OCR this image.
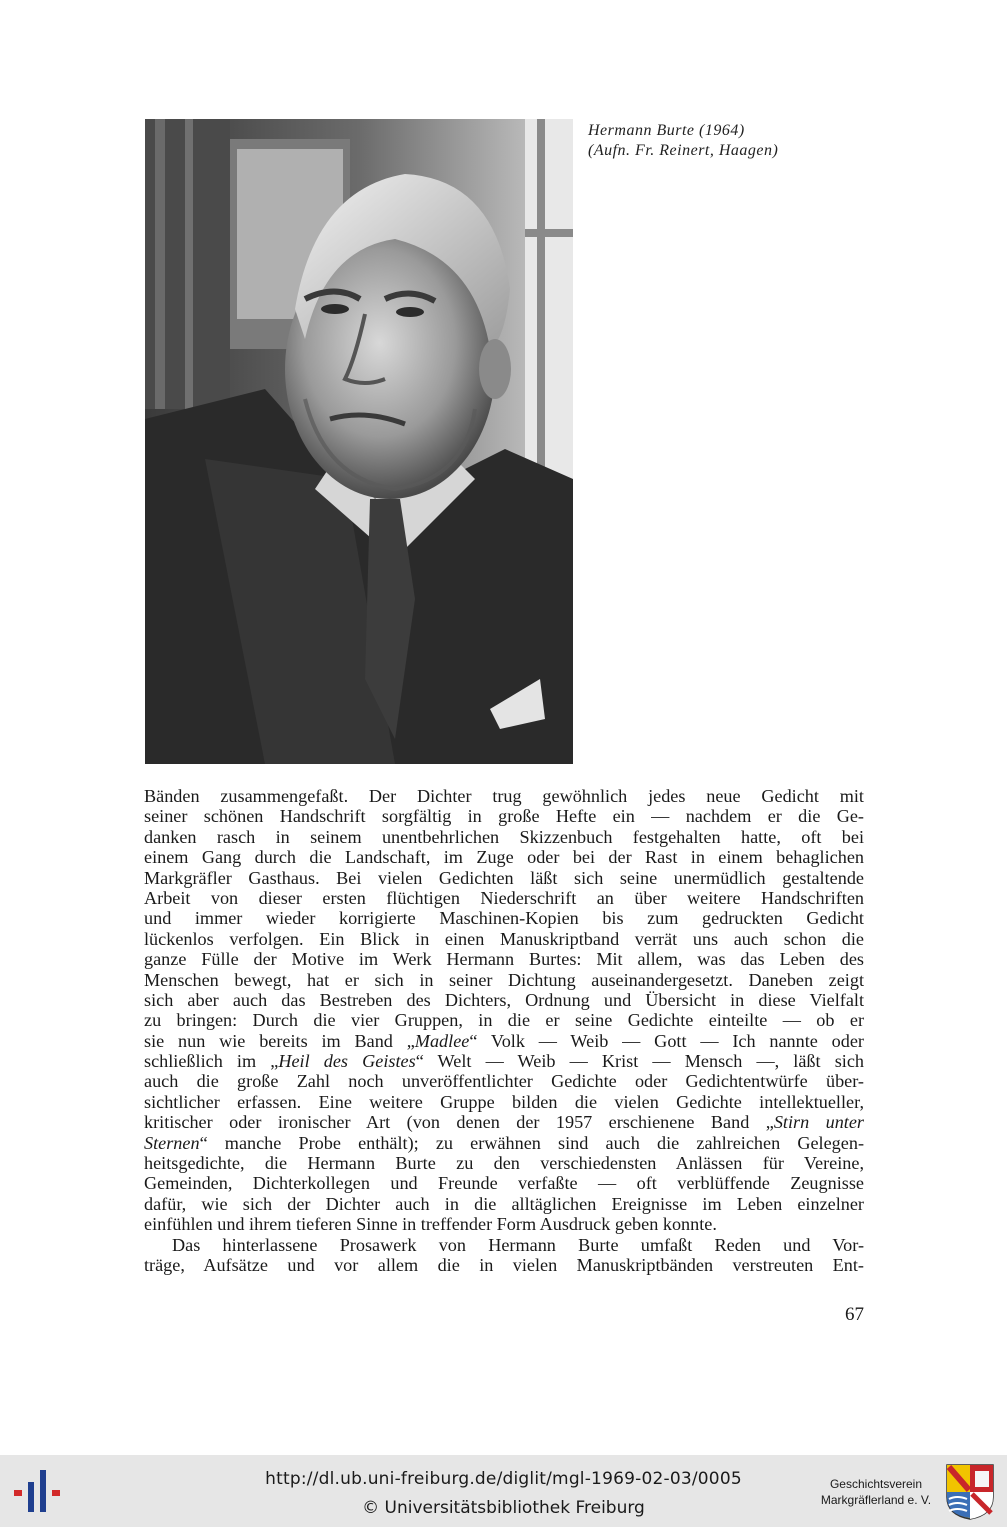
Hermann Burte (1964)
(Aufn. Fr. Reinert, Haagen)
Bänden zusammengefaßt. Der Dichter trug gewöhnlich jedes neue Gedicht mit
seiner schönen Handschrift sorgfältig in große Hefte ein — nachdem er die Ge-
danken rasch in seinem unentbehrlichen Skizzenbuch festgehalten hatte, oft bei
einem Gang durch die Landschaft, im Zuge oder bei der Rast in einem behaglichen
Markgräfler Gasthaus. Bei vielen Gedichten läßt sich seine unermüdlich gestaltende
Arbeit von dieser ersten flüchtigen Niederschrift an über weitere Handschriften
und immer wieder korrigierte Maschinen-Kopien bis zum gedruckten Gedicht
lückenlos verfolgen. Ein Blick in einen Manuskriptband verrät uns auch schon die
ganze Fülle der Motive im Werk Hermann Burtes: Mit allem, was das Leben des
Menschen bewegt, hat er sich in seiner Dichtung auseinandergesetzt. Daneben zeigt
sich aber auch das Bestreben des Dichters, Ordnung und Übersicht in diese Vielfalt
zu bringen: Durch die vier Gruppen, in die er seine Gedichte einteilte — ob er
sie nun wie bereits im Band „Madlee“ Volk — Weib — Gott — Ich nannte oder
schließlich im „Heil des Geistes“ Welt — Weib — Krist — Mensch —, läßt sich
auch die große Zahl noch unveröffentlichter Gedichte oder Gedichtentwürfe über-
sichtlicher erfassen. Eine weitere Gruppe bilden die vielen Gedichte intellektueller,
kritischer oder ironischer Art (von denen der 1957 erschienene Band „Stirn unter
Sternen“ manche Probe enthält); zu erwähnen sind auch die zahlreichen Gelegen-
heitsgedichte, die Hermann Burte zu den verschiedensten Anlässen für Vereine,
Gemeinden, Dichterkollegen und Freunde verfaßte — oft verblüffende Zeugnisse
dafür, wie sich der Dichter auch in die alltäglichen Ereignisse im Leben einzelner
einfühlen und ihrem tieferen Sinne in treffender Form Ausdruck geben konnte.
Das hinterlassene Prosawerk von Hermann Burte umfaßt Reden und Vor-
träge, Aufsätze und vor allem die in vielen Manuskriptbänden verstreuten Ent-
67
http://dl.ub.uni-freiburg.de/diglit/mgl-1969-02-03/0005
© Universitätsbibliothek Freiburg
Geschichtsverein
Markgräflerland e. V.
